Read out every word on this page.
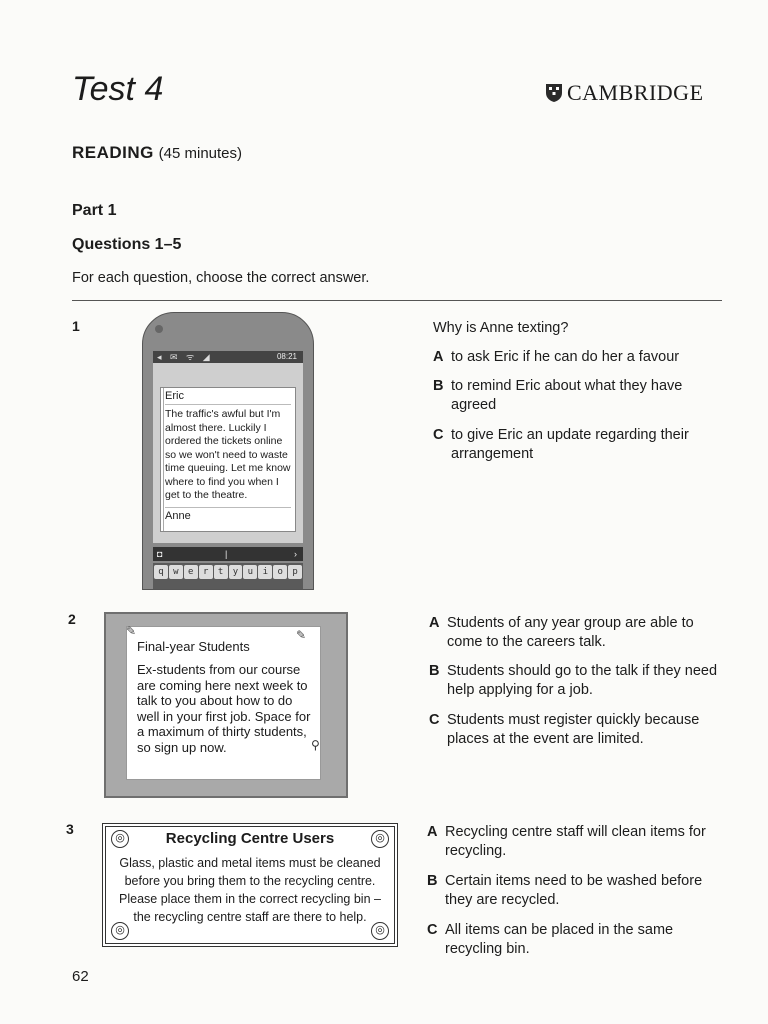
Test 4	CAMBRIDGE
READING (45 minutes)
Part 1
Questions 1–5
For each question, choose the correct answer.
1
◂ ✉ ᯤ ◢	08:21
Eric
The traffic's awful but I'm almost there. Luckily I ordered the tickets online so we won't need to waste time queuing. Let me know where to find you when I get to the theatre.
Anne
◘	|	›
q	w	e	r	t	y	u	i	o	p
Why is Anne texting?
A to ask Eric if he can do her a favour
B to remind Eric about what they have agreed
C to give Eric an update regarding their arrangement
2
Final-year Students
Ex-students from our course are coming here next week to talk to you about how to do well in your first job. Space for a maximum of thirty students, so sign up now.
✎	✎
⚲
A Students of any year group are able to come to the careers talk.
B Students should go to the talk if they need help applying for a job.
C Students must register quickly because places at the event are limited.
3
◎	◎
Recycling Centre Users
Glass, plastic and metal items must be cleaned before you bring them to the recycling centre. Please place them in the correct recycling bin – the recycling centre staff are there to help.
◎	◎
A Recycling centre staff will clean items for recycling.
B Certain items need to be washed before they are recycled.
C All items can be placed in the same recycling bin.
62
